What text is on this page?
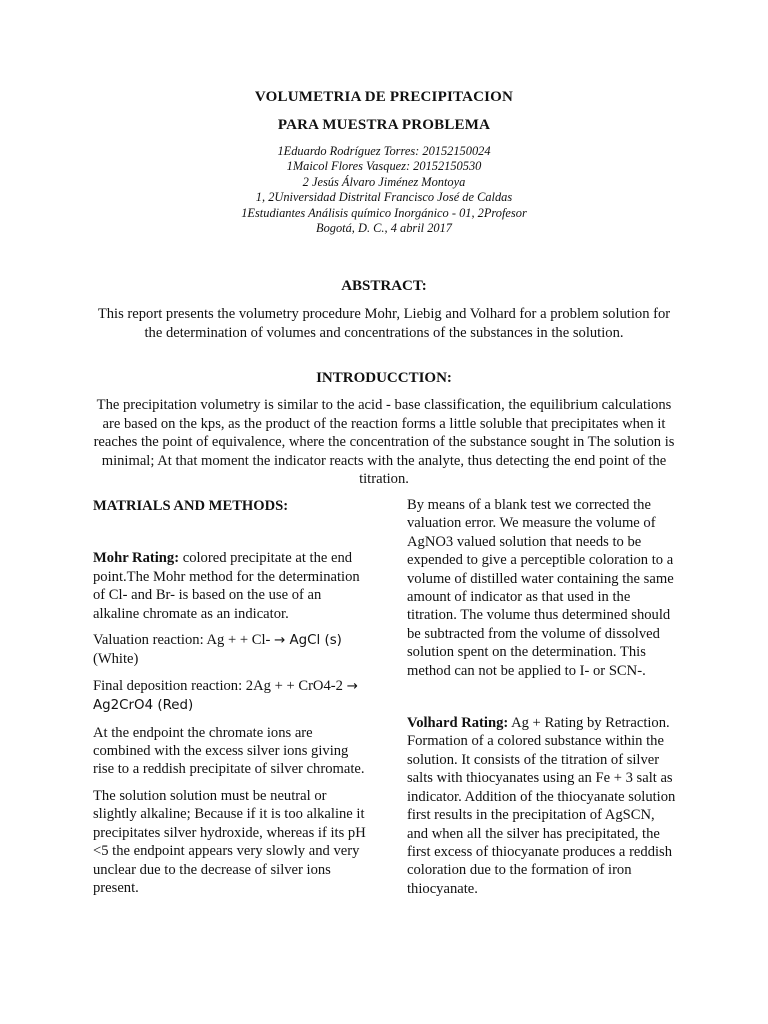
VOLUMETRIA DE PRECIPITACION
PARA MUESTRA PROBLEMA
1Eduardo Rodríguez Torres: 20152150024
1Maicol Flores Vasquez: 20152150530
2 Jesús Álvaro Jiménez Montoya
1, 2Universidad Distrital Francisco José de Caldas
1Estudiantes Análisis químico Inorgánico - 01, 2Profesor
Bogotá, D. C., 4 abril 2017
ABSTRACT:
This report presents the volumetry procedure Mohr, Liebig and Volhard for a problem solution for the determination of volumes and concentrations of the substances in the solution.
INTRODUCCTION:
The precipitation volumetry is similar to the acid - base classification, the equilibrium calculations are based on the kps, as the product of the reaction forms a little soluble that precipitates when it reaches the point of equivalence, where the concentration of the substance sought in The solution is minimal; At that moment the indicator reacts with the analyte, thus detecting the end point of the titration.

MATRIALS AND METHODS:

Mohr Rating: colored precipitate at the end point.The Mohr method for the determination of Cl- and Br- is based on the use of an alkaline chromate as an indicator.

Valuation reaction: Ag + + Cl- → AgCl (s) (White)

Final deposition reaction: 2Ag + + CrO4-2 → Ag2CrO4 (Red)

At the endpoint the chromate ions are combined with the excess silver ions giving rise to a reddish precipitate of silver chromate.

The solution solution must be neutral or slightly alkaline; Because if it is too alkaline it precipitates silver hydroxide, whereas if its pH <5 the endpoint appears very slowly and very unclear due to the decrease of silver ions present.

By means of a blank test we corrected the valuation error. We measure the volume of AgNO3 valued solution that needs to be expended to give a perceptible coloration to a volume of distilled water containing the same amount of indicator as that used in the titration. The volume thus determined should be subtracted from the volume of dissolved solution spent on the determination. This method can not be applied to I- or SCN-.

Volhard Rating: Ag + Rating by Retraction. Formation of a colored substance within the solution. It consists of the titration of silver salts with thiocyanates using an Fe + 3 salt as indicator. Addition of the thiocyanate solution first results in the precipitation of AgSCN, and when all the silver has precipitated, the first excess of thiocyanate produces a reddish coloration due to the formation of iron thiocyanate.
